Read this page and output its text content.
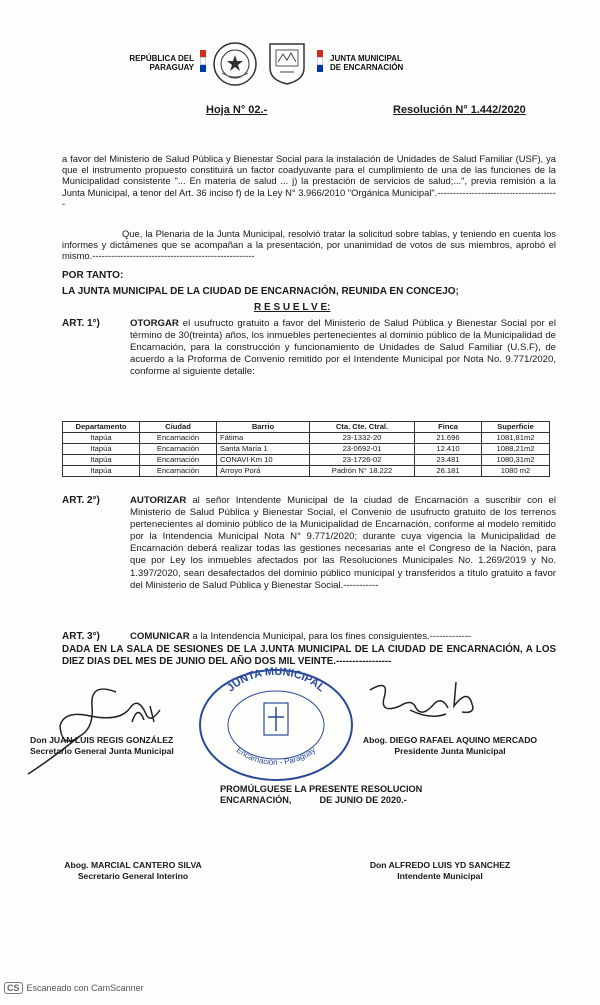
REPÚBLICA DEL
PARAGUAY
JUNTA MUNICIPAL
DE ENCARNACIÓN
Hoja N° 02.-	Resolución N° 1.442/2020
a favor del Ministerio de Salud Pública y Bienestar Social para la instalación de Unidades de Salud Familiar (USF), ya que el instrumento propuesto constituirá un factor coadyuvante para el cumplimiento de una de las funciones de la Municipalidad consistente "... En materia de salud ... j) la prestación de servicios de salud;...", previa remisión a la Junta Municipal, a tenor del Art. 36 inciso f) de la Ley N° 3.966/2010 "Orgánica Municipal".---------------------------------------
Que, la Plenaria de la Junta Municipal, resolvió tratar la solicitud sobre tablas, y teniendo en cuenta los informes y dictámenes que se acompañan a la presentación, por unanimidad de votos de sus miembros, aprobó el mismo.----------------------------------------------------
POR TANTO:
LA JUNTA MUNICIPAL DE LA CIUDAD DE ENCARNACIÓN, REUNIDA EN CONCEJO;
R E S U E L V E:
ART. 1°)	OTORGAR el usufructo gratuito a favor del Ministerio de Salud Pública y Bienestar Social por el término de 30(treinta) años, los inmuebles pertenecientes al dominio público de la Municipalidad de Encarnación, para la construcción y funcionamiento de Unidades de Salud Familiar (U.S.F), de acuerdo a la Proforma de Convenio remitido por el Intendente Municipal por Nota No. 9.771/2020, conforme al siguiente detalle:
Departamento	Ciudad	Barrio	Cta. Cte. Ctral.	Finca	Superficie
Itapúa	Encarnación	Fátima	23-1332-20	21.696	1081,81m2
Itapúa	Encarnación	Santa María 1	23-0692-01	12.410	1088,21m2
Itapúa	Encarnación	CONAVI Km 10	23-1726-02	23.481	1080,31m2
Itapúa	Encarnación	Arroyo Porá	Padrón N° 18.222	26.181	1080 m2
ART. 2°)	AUTORIZAR al señor Intendente Municipal de la ciudad de Encarnación a suscribir con el Ministerio de Salud Pública y Bienestar Social, el Convenio de usufructo gratuito de los terrenos pertenecientes al dominio público de la Municipalidad de Encarnación, conforme al modelo remitido por la Intendencia Municipal Nota N° 9.771/2020; durante cuya vigencia la Municipalidad de Encarnación deberá realizar todas las gestiones necesarias ante el Congreso de la Nación, para que por Ley los inmuebles afectados por las Resoluciones Municipales No. 1.269/2019 y No. 1.397/2020, sean desafectados del dominio público municipal y transferidos a título gratuito a favor del Ministerio de Salud Pública y Bienestar Social.-----------
ART. 3°)	COMUNICAR a la Intendencia Municipal, para los fines consiguientes.-------------
DADA EN LA SALA DE SESIONES DE LA J.UNTA MUNICIPAL DE LA CIUDAD DE ENCARNACIÓN, A LOS DIEZ DIAS DEL MES DE JUNIO DEL AÑO DOS MIL VEINTE.-----------------
JUNTA MUNICIPAL
Encarnación - Paraguay
Don JUAN LUIS REGIS GONZÁLEZ
Secretario General Junta Municipal
Abog. DIEGO RAFAEL AQUINO MERCADO
Presidente Junta Municipal
PROMÚLGUESE LA PRESENTE RESOLUCION
ENCARNACIÓN,           DE JUNIO DE 2020.-
Abog. MARCIAL CANTERO SILVA
Secretario General Interino
Don ALFREDO LUIS YD SANCHEZ
Intendente Municipal
CS Escaneado con CamScanner
